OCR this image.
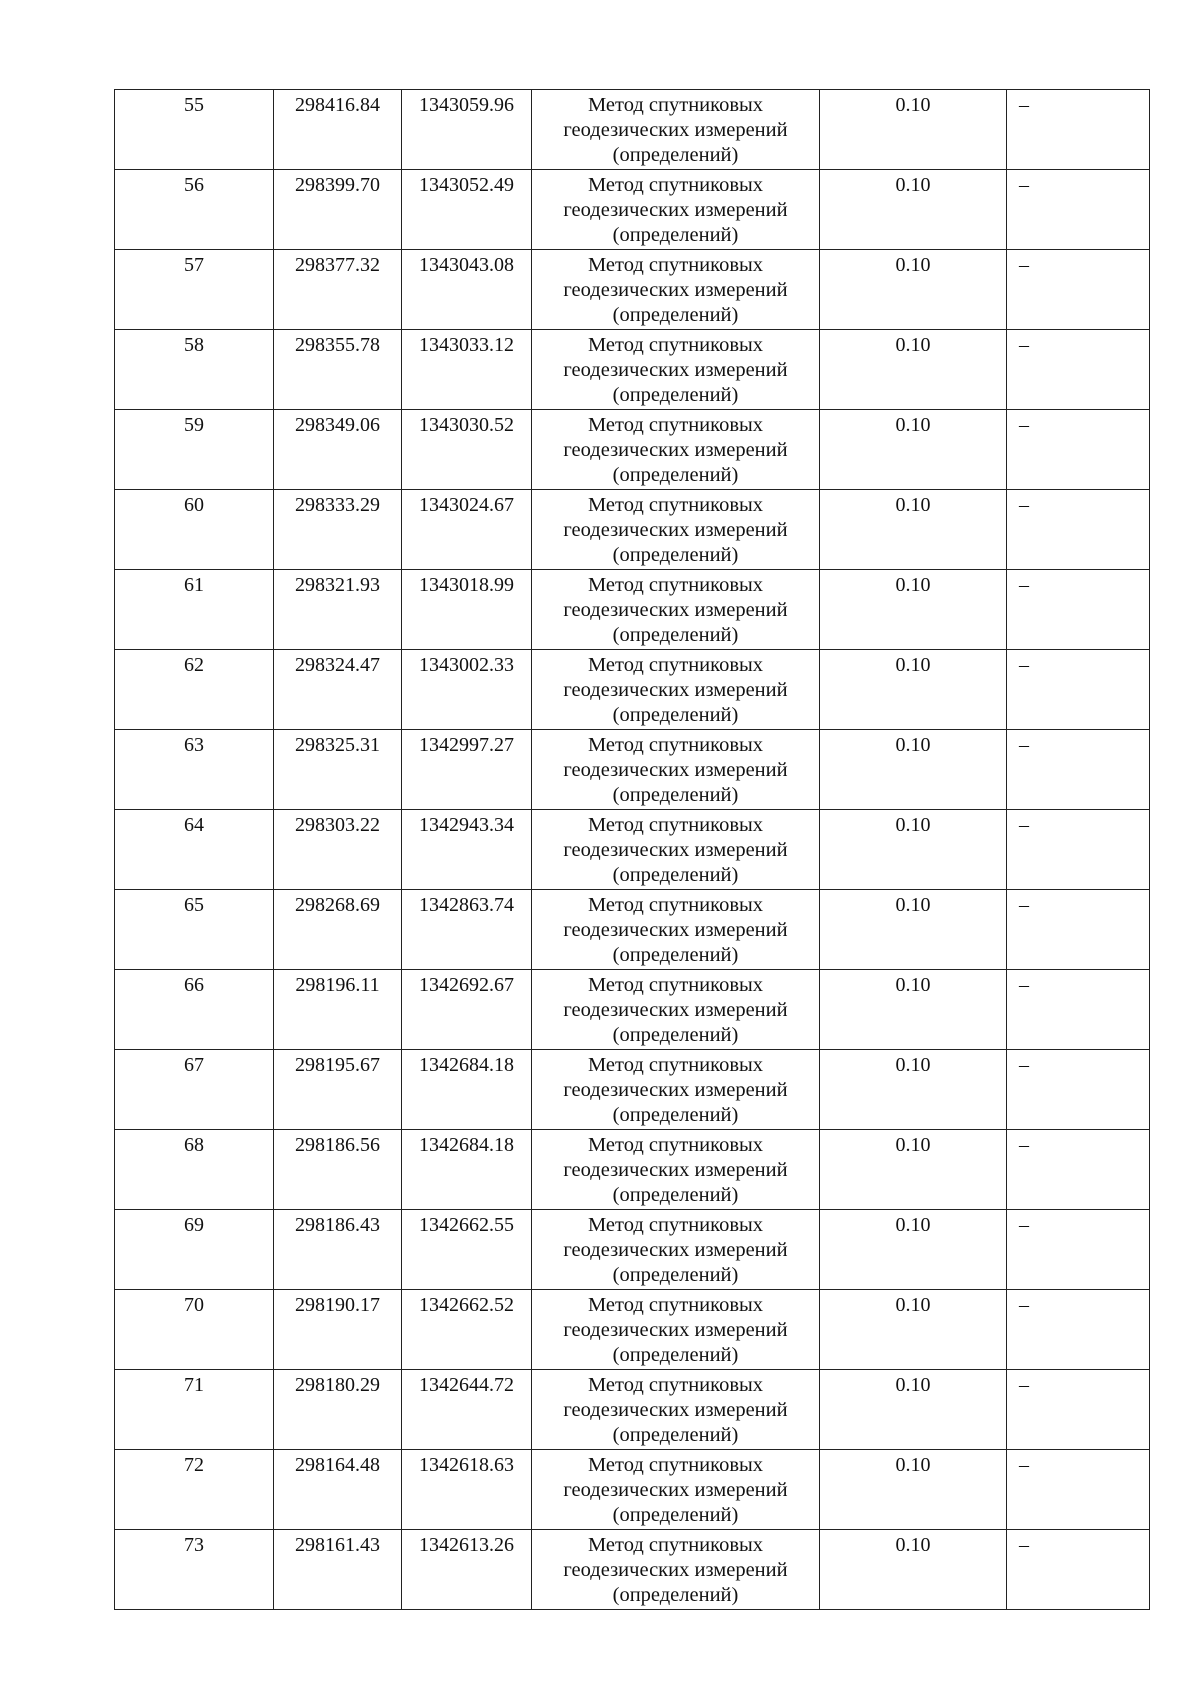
55	298416.84	1343059.96	Метод спутниковых геодезических измерений (определений)	0.10	–
56	298399.70	1343052.49	Метод спутниковых геодезических измерений (определений)	0.10	–
57	298377.32	1343043.08	Метод спутниковых геодезических измерений (определений)	0.10	–
58	298355.78	1343033.12	Метод спутниковых геодезических измерений (определений)	0.10	–
59	298349.06	1343030.52	Метод спутниковых геодезических измерений (определений)	0.10	–
60	298333.29	1343024.67	Метод спутниковых геодезических измерений (определений)	0.10	–
61	298321.93	1343018.99	Метод спутниковых геодезических измерений (определений)	0.10	–
62	298324.47	1343002.33	Метод спутниковых геодезических измерений (определений)	0.10	–
63	298325.31	1342997.27	Метод спутниковых геодезических измерений (определений)	0.10	–
64	298303.22	1342943.34	Метод спутниковых геодезических измерений (определений)	0.10	–
65	298268.69	1342863.74	Метод спутниковых геодезических измерений (определений)	0.10	–
66	298196.11	1342692.67	Метод спутниковых геодезических измерений (определений)	0.10	–
67	298195.67	1342684.18	Метод спутниковых геодезических измерений (определений)	0.10	–
68	298186.56	1342684.18	Метод спутниковых геодезических измерений (определений)	0.10	–
69	298186.43	1342662.55	Метод спутниковых геодезических измерений (определений)	0.10	–
70	298190.17	1342662.52	Метод спутниковых геодезических измерений (определений)	0.10	–
71	298180.29	1342644.72	Метод спутниковых геодезических измерений (определений)	0.10	–
72	298164.48	1342618.63	Метод спутниковых геодезических измерений (определений)	0.10	–
73	298161.43	1342613.26	Метод спутниковых геодезических измерений (определений)	0.10	–
